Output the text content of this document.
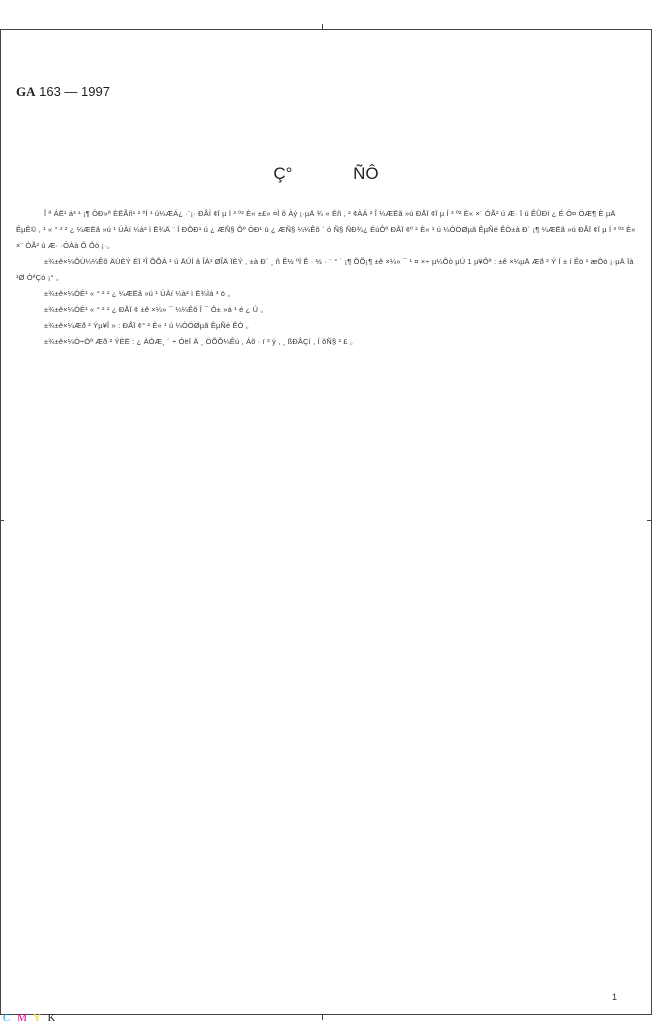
GA 163 — 1997
Ç° ÑÔ

Î ª ÁË¹ á³ ¹ ¡¶ ÖÐ»ª ÈËÃñ¹ ² ºÍ ¹ ú¼ÆÁ¿ ·¨¡· ÐÂÌ ¢Ï µ Í ³ º² È« ±£» ¤Ì õ Àý ¡·µÄ ¾ « Éñ , ² ¢ÀÁ ² Î ¼ÆËã »ú ÐÅÏ ¢Ï µ Í ³ º² È« ×¨ ÓÃ² ú Æ· Ï ú ÊÛÐí ¿ É Ö¤ ÖÆ¶ È µÄ ÊµÊ© , ¹ « ° ² ² ¿ ¼ÆËã »ú ¹ ÜÀí ¼à² ì Ë¾Ä ¨ Í ÐÔÐ¹ ú ¿ ÆÑ§ Ôº ÖÐ¹ ú ¿ ÆÑ§ ¼¼Êõ ´ ó Ñ§ ÑÐ¾¿ ÉúÔº ÐÅÏ ¢º ² È« ¹ ú ¼ÒÖØµã ÊµÑé ÊÒ±à Ð´ ¡¶ ¼ÆËã »ú ÐÅÏ ¢Ï µ Í ³ º² È« ×¨ ÓÃ² ú Æ· ·ÖÀà Ô Ôò ¡·。

±¾±ê×¼ÔÚ¼¼Êõ ÄÚÈÝ ÉÏ ²Î ÕÕÁ ¹ ú ÄÚÍ â ÎÀ¹ ØÎÄ ÏÈÝ , ±à Ð´ ¸ ñ Ê½ ºÍ Ê · ½ · ¨ ° ´ ¡¶ ÕÕ¡¶ ±ê ×¼» ¯ ¹ ¤ ×÷ µ¼Ôò µÚ 1 µ¥Ôª : ±ê ×¼µÄ Æð ² Ý Í ± í Êö ¹ æÔò ¡·µÄ Ïà ¹Ø ÒªÇó ¡° 。

±¾±ê×¼ÓÉ¹ « ° ² ² ¿ ¼ÆËã »ú ¹ ÜÀí ¼à² ì Ë¾Ìá ³ ö 。

±¾±ê×¼ÓÉ¹ « ° ² ² ¿ ÐÅÏ ¢ ±ê ×¼» ¯ ¼¼Êõ Î ¯ Ô± »á ¹ é ¿ Ú 。

±¾±ê×¼Æð ² Ýµ¥Î » : ÐÅÏ ¢° ² È« ¹ ú ¼ÒÖØµã ÊµÑé ÊÒ 。

±¾±ê×¼Ö÷Òª Æð ² ÝÈË : ¿ ÀÓÆ¸ ´ ÷ ÓëÏ Ä ¸ ÖÕÕ¼Êú , Áõ · ï ² ý , ¸ ßÐÂÇí , Í õÑ§ ² £ 。

1
C M Y K
